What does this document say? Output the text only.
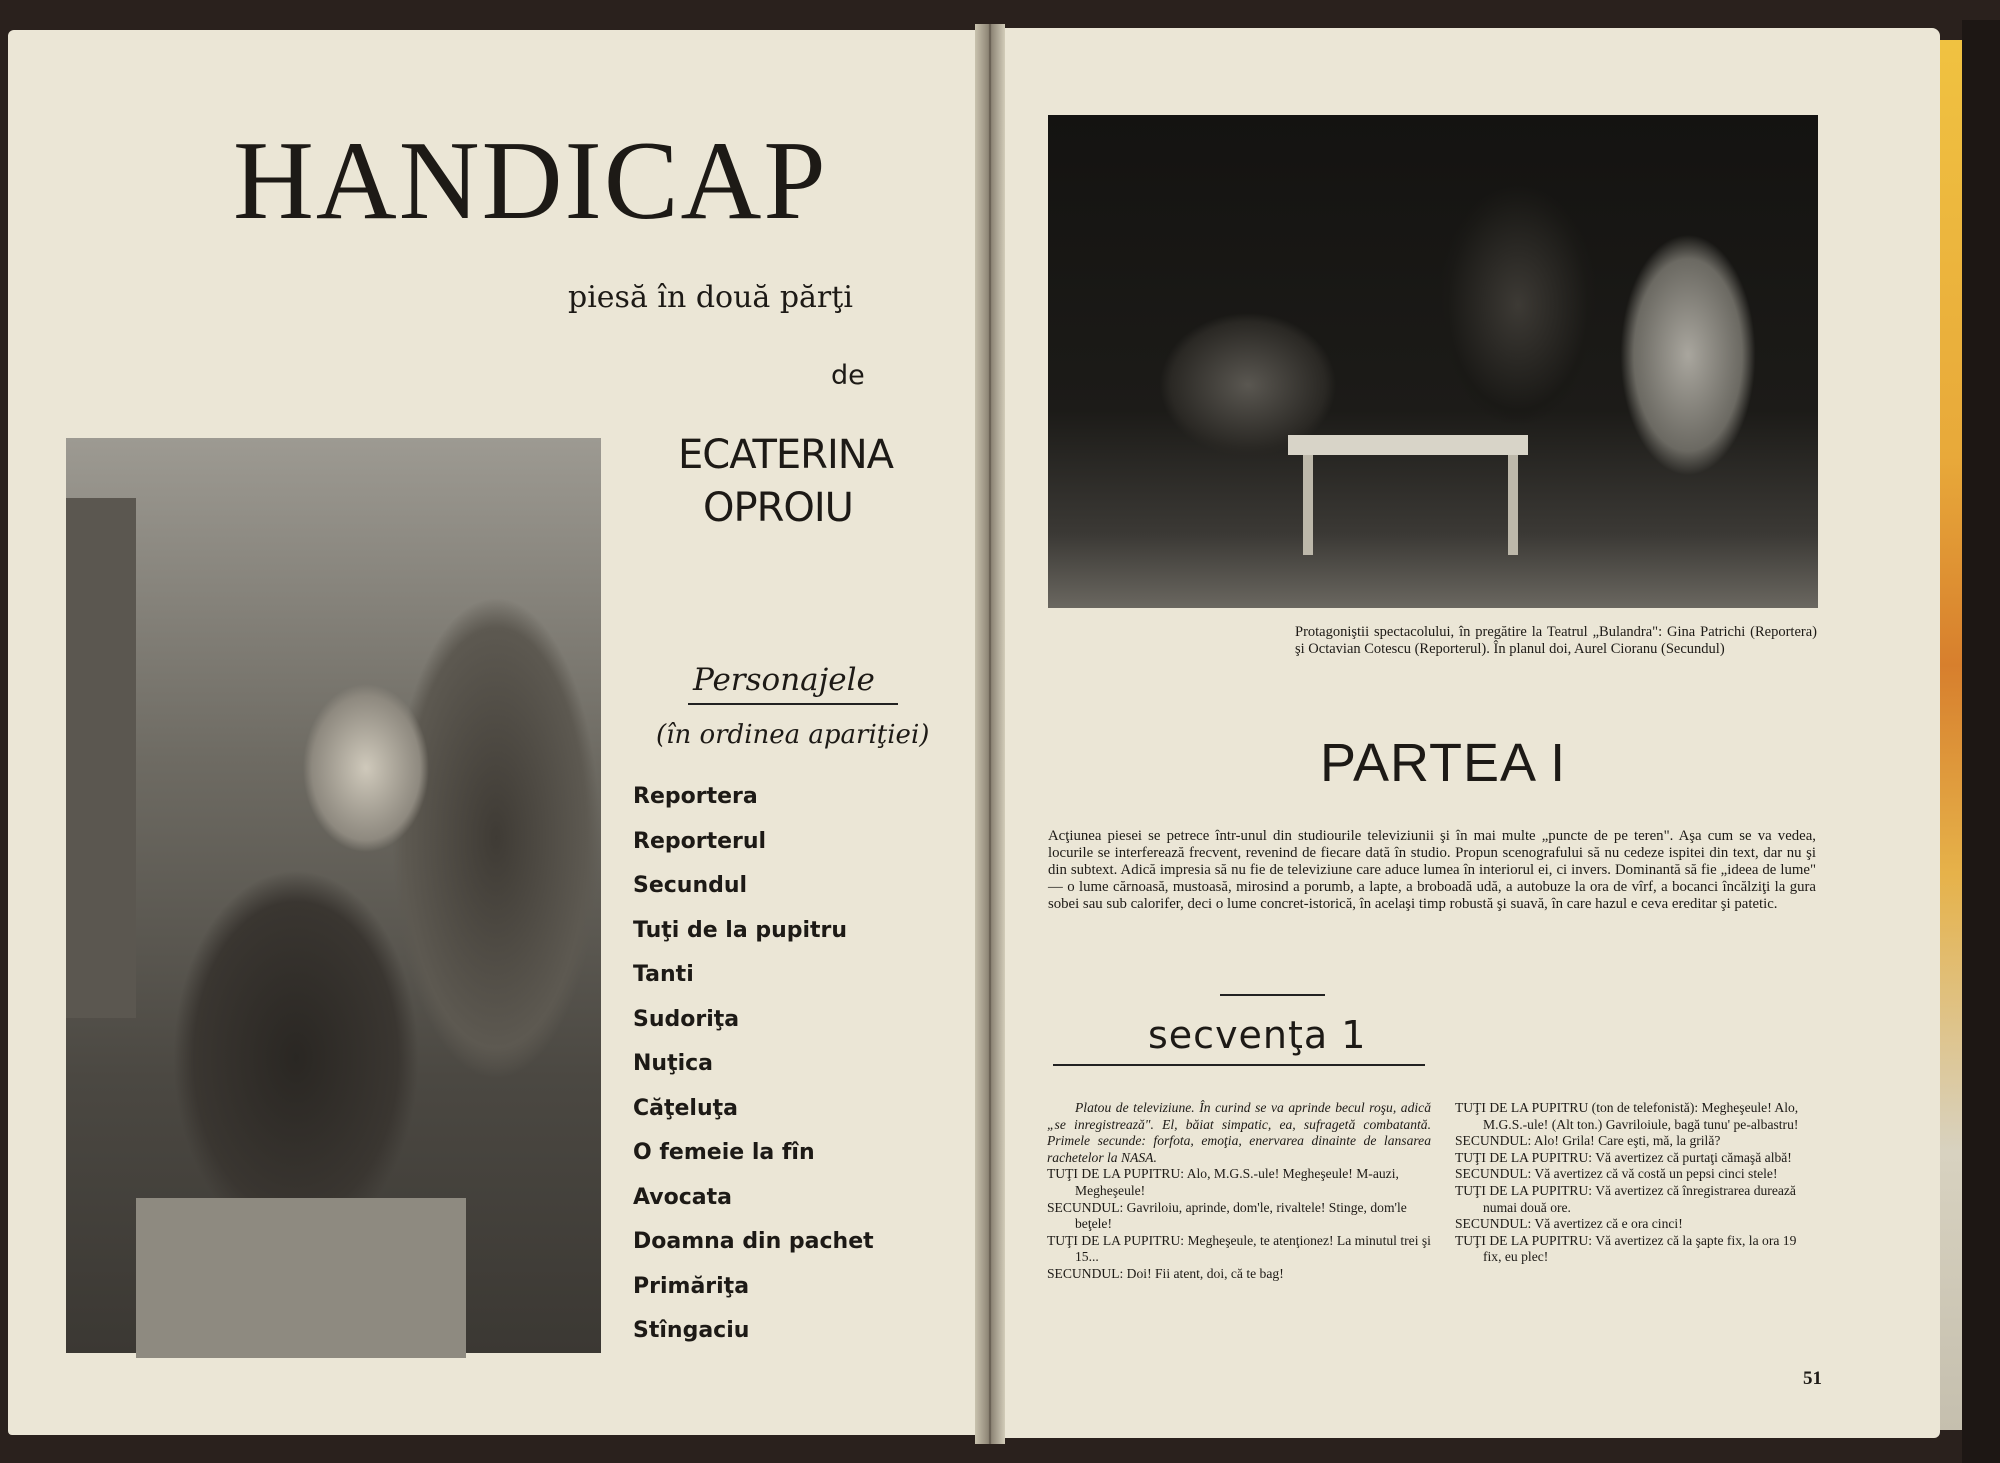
HANDICAP
piesă în două părţi
de
ECATERINA
OPROIU
Personajele
(în ordinea apariţiei)
Reportera
Reporterul
Secundul
Tuţi de la pupitru
Tanti
Sudoriţa
Nuţica
Căţeluţa
O femeie la fîn
Avocata
Doamna din pachet
Primăriţa
Stîngaciu
Protagoniştii spectacolului, în pregătire la Teatrul „Bulandra": Gina Patrichi (Reportera) şi Octavian Cotescu (Reporterul). În planul doi, Aurel Cioranu (Secundul)
PARTEA I
Acţiunea piesei se petrece într-unul din studiourile televiziunii şi în mai multe „puncte de pe teren". Aşa cum se va vedea, locurile se interferează frecvent, revenind de fiecare dată în studio. Propun scenografului să nu cedeze ispitei din text, dar nu şi din subtext. Adică impresia să nu fie de televiziune care aduce lumea în interiorul ei, ci invers. Dominantă să fie „ideea de lume" — o lume cărnoasă, mustoasă, mirosind a porumb, a lapte, a broboadă udă, a autobuze la ora de vîrf, a bocanci încălziţi la gura sobei sau sub calorifer, deci o lume concret-istorică, în acelaşi timp robustă şi suavă, în care hazul e ceva ereditar şi patetic.
secvenţa 1

Platou de televiziune. În curind se va aprinde becul roşu, adică „se inregistrează". El, băiat simpatic, ea, sufragetă combatantă. Primele secunde: forfota, emoţia, enervarea dinainte de lansarea rachetelor la NASA.

TUŢI DE LA PUPITRU: Alo, M.G.S.-ule! Megheşeule! M-auzi, Megheşeule!

SECUNDUL: Gavriloiu, aprinde, dom'le, rivaltele! Stinge, dom'le beţele!

TUŢI DE LA PUPITRU: Megheşeule, te atenţionez! La minutul trei şi 15...

SECUNDUL: Doi! Fii atent, doi, că te bag!

TUŢI DE LA PUPITRU (ton de telefonistă): Megheşeule! Alo, M.G.S.-ule! (Alt ton.) Gavriloiule, bagă tunu' pe-albastru!

SECUNDUL: Alo! Grila! Care eşti, mă, la grilă?

TUŢI DE LA PUPITRU: Vă avertizez că purtaţi cămaşă albă!

SECUNDUL: Vă avertizez că vă costă un pepsi cinci stele!

TUŢI DE LA PUPITRU: Vă avertizez că înregistrarea durează numai două ore.

SECUNDUL: Vă avertizez că e ora cinci!

TUŢI DE LA PUPITRU: Vă avertizez că la şapte fix, la ora 19 fix, eu plec!

51
